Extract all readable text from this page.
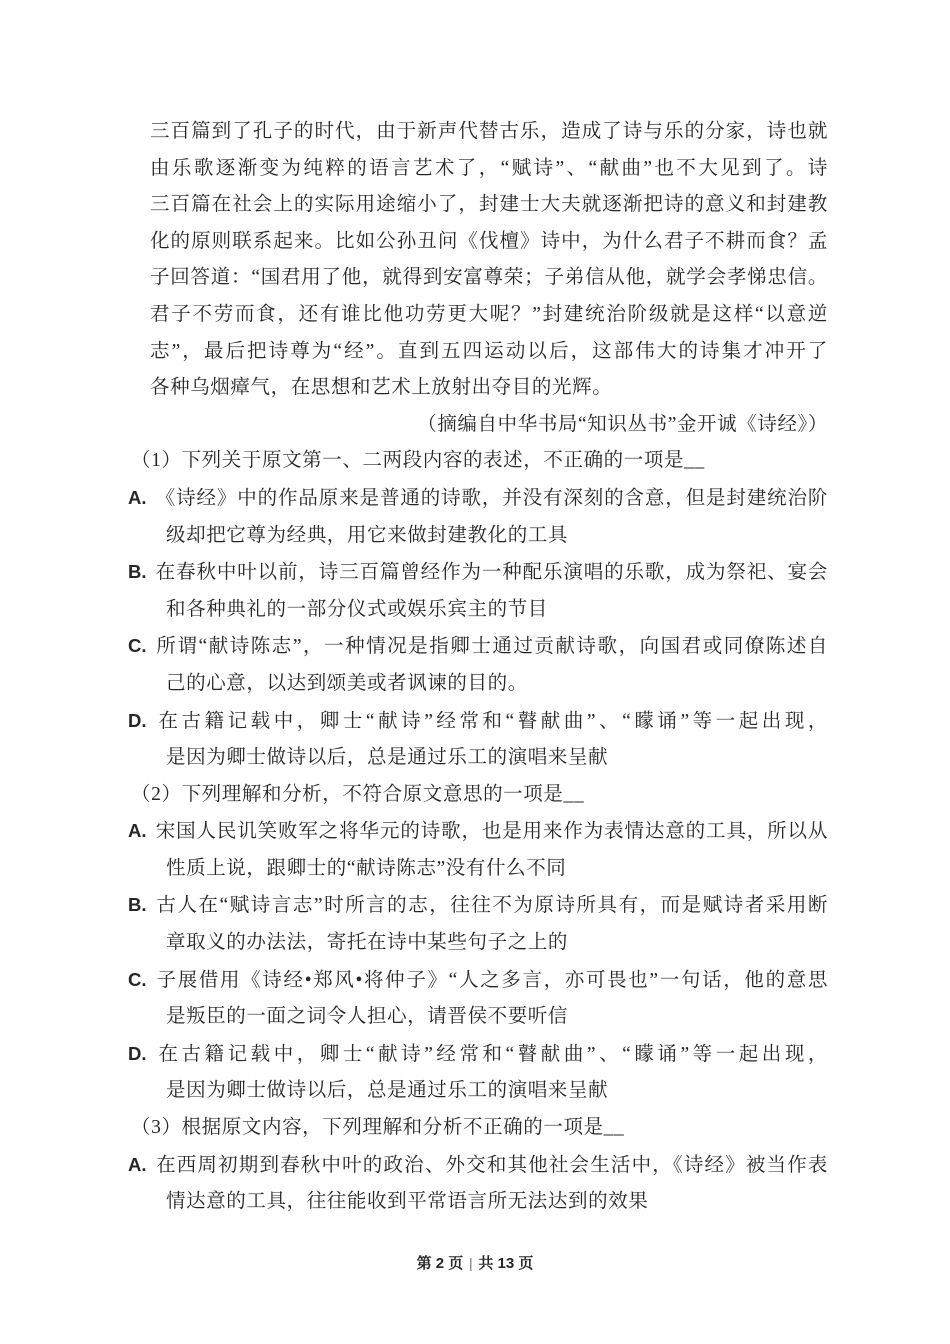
三百篇到了孔子的时代，由于新声代替古乐，造成了诗与乐的分家，诗也就
由乐歌逐渐变为纯粹的语言艺术了，“赋诗”、“献曲”也不大见到了。诗
三百篇在社会上的实际用途缩小了，封建士大夫就逐渐把诗的意义和封建教
化的原则联系起来。比如公孙丑问《伐檀》诗中，为什么君子不耕而食？孟
子回答道：“国君用了他，就得到安富尊荣；子弟信从他，就学会孝悌忠信。
君子不劳而食，还有谁比他功劳更大呢？”封建统治阶级就是这样“以意逆
志”，最后把诗尊为“经”。直到五四运动以后，这部伟大的诗集才冲开了
各种乌烟瘴气，在思想和艺术上放射出夺目的光辉。
（摘编自中华书局“知识丛书”金开诚《诗经》）
（1）下列关于原文第一、二两段内容的表述，不正确的一项是__
A. 《诗经》中的作品原来是普通的诗歌，并没有深刻的含意，但是封建统治阶
级却把它尊为经典，用它来做封建教化的工具
B. 在春秋中叶以前，诗三百篇曾经作为一种配乐演唱的乐歌，成为祭祀、宴会
和各种典礼的一部分仪式或娱乐宾主的节目
C. 所谓“献诗陈志”，一种情况是指卿士通过贡献诗歌，向国君或同僚陈述自
己的心意，以达到颂美或者讽谏的目的。
D. 在古籍记载中，卿士“献诗”经常和“瞽献曲”、“矇诵”等一起出现，
是因为卿士做诗以后，总是通过乐工的演唱来呈献
（2）下列理解和分析，不符合原文意思的一项是__
A. 宋国人民讥笑败军之将华元的诗歌，也是用来作为表情达意的工具，所以从
性质上说，跟卿士的“献诗陈志”没有什么不同
B. 古人在“赋诗言志”时所言的志，往往不为原诗所具有，而是赋诗者采用断
章取义的办法法，寄托在诗中某些句子之上的
C. 子展借用《诗经•郑风•将仲子》“人之多言，亦可畏也”一句话，他的意思
是叛臣的一面之词令人担心，请晋侯不要听信
D. 在古籍记载中，卿士“献诗”经常和“瞽献曲”、“矇诵”等一起出现，
是因为卿士做诗以后，总是通过乐工的演唱来呈献
（3）根据原文内容，下列理解和分析不正确的一项是__
A. 在西周初期到春秋中叶的政治、外交和其他社会生活中，《诗经》被当作表
情达意的工具，往往能收到平常语言所无法达到的效果
第 2 页 | 共 13 页
